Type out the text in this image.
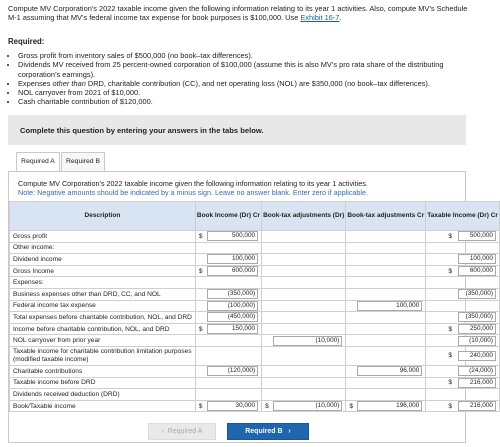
Compute MV Corporation’s 2022 taxable income given the following information relating to its year 1 activities. Also, compute MV’s Schedule M-1 assuming that MV’s federal income tax expense for book purposes is $100,000. Use Exhibit 16-7.
Required:
• Gross profit from inventory sales of $500,000 (no book–tax differences).
• Dividends MV received from 25 percent-owned corporation of $100,000 (assume this is also MV’s pro rata share of the distributing corporation’s earnings).
• Expenses other than DRD, charitable contribution (CC), and net operating loss (NOL) are $350,000 (no book–tax differences).
• NOL carryover from 2021 of $10,000.
• Cash charitable contribution of $120,000.
Complete this question by entering your answers in the tabs below.
Required A	Required B
Compute MV Corporation’s 2022 taxable income given the following information relating to its year 1 activities.
Note: Negative amounts should be indicated by a minus sign. Leave no answer blank. Enter zero if applicable.
Description	Book Income (Dr) Cr	Book-tax adjustments (Dr)	Book-tax adjustments Cr	Taxable Income (Dr) Cr	
Gross profit	$ 500,000			$	500,000

Other income:					
Dividend income	100,000				100,000

Gross Income	$ 600,000			$	600,000

Expenses:					
Business expenses other than DRD, CC, and NOL	(350,000)				(350,000)

Federal income tax expense	(100,000)		100,000		

Total expenses before charitable contribution, NOL, and DRD	(450,000)				(350,000)

Income before charitable contribution, NOL, and DRD	$ 150,000			$	250,000

NOL carryover from prior year		(10,000)			(10,000)

Taxable income for charitable contribution limitation purposes (modified taxable income)				$	240,000

Charitable contributions	(120,000)		96,000		(24,000)

Taxable income before DRD				$	216,000

Dividends received deduction (DRD)					
Book/Taxable income	$ 30,000	$ (10,000)	$ 196,000	$	216,000
‹ Required A	Required B ›
